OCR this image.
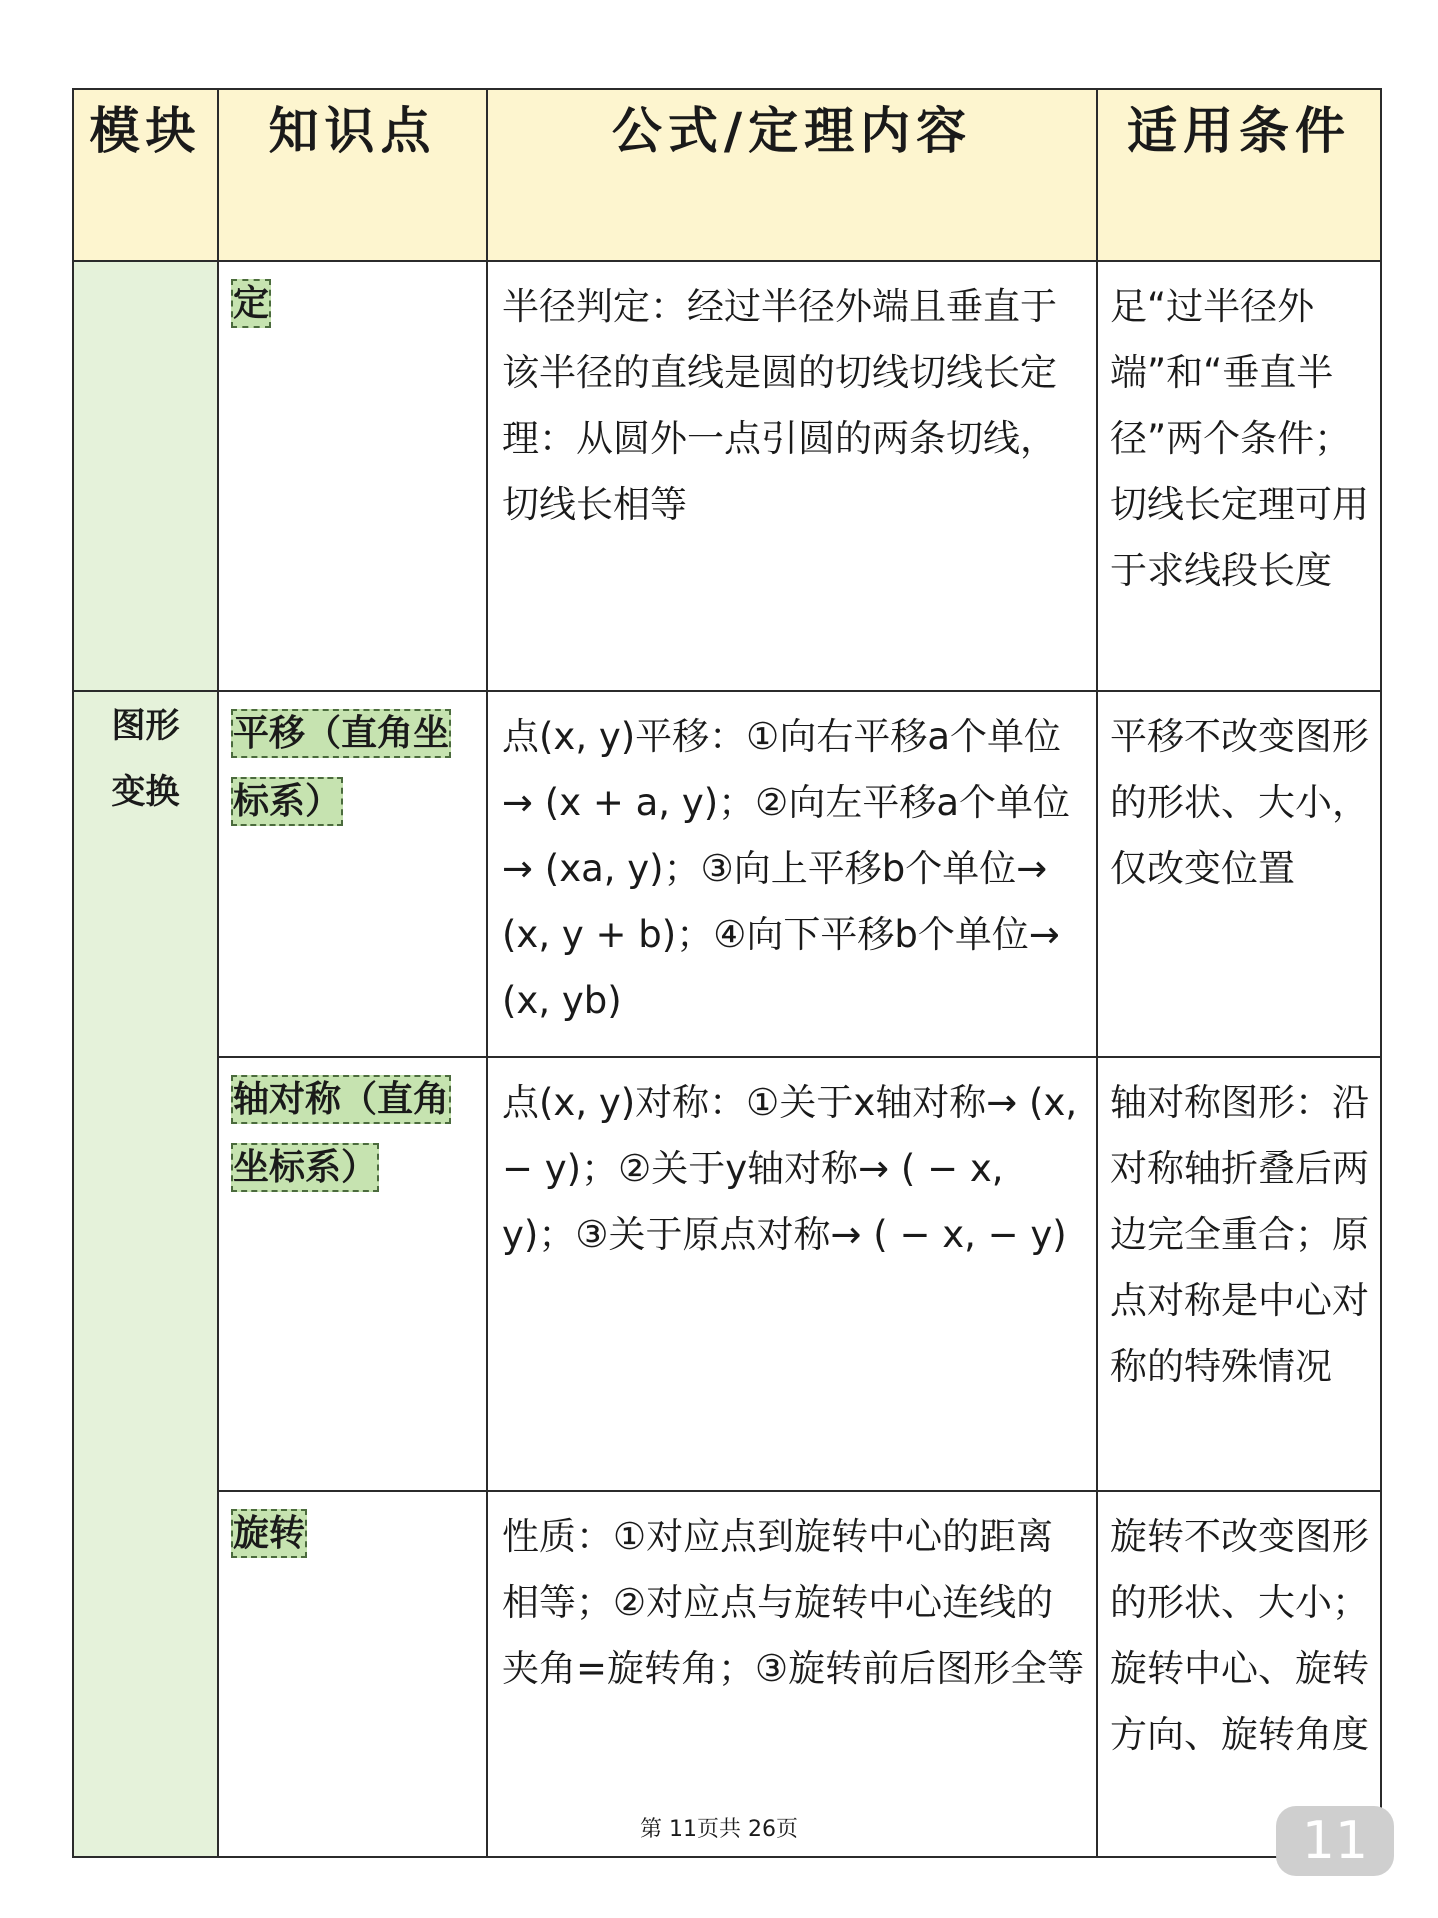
模块	知识点	公式/定理内容	适用条件
	定	半径判定：经过半径外端且垂直于该半径的直线是圆的切线切线长定理：从圆外一点引圆的两条切线，切线长相等	足“过半径外端”和“垂直半径”两个条件；切线长定理可用于求线段长度
图形变换	平移（直角坐标系）	点(x, y)平移：①向右平移a个单位→ (x + a, y)；②向左平移a个单位→ (xa, y)；③向上平移b个单位→ (x, y + b)；④向下平移b个单位→ (x, yb)	平移不改变图形的形状、大小，仅改变位置
	轴对称（直角坐标系）	点(x, y)对称：①关于x轴对称→ (x, − y)；②关于y轴对称→ ( − x, y)；③关于原点对称→ ( − x, − y)	轴对称图形：沿对称轴折叠后两边完全重合；原点对称是中心对称的特殊情况
	旋转	性质：①对应点到旋转中心的距离相等；②对应点与旋转中心连线的夹角=旋转角；③旋转前后图形全等	旋转不改变图形的形状、大小；旋转中心、旋转方向、旋转角度
第 11页共 26页	11
